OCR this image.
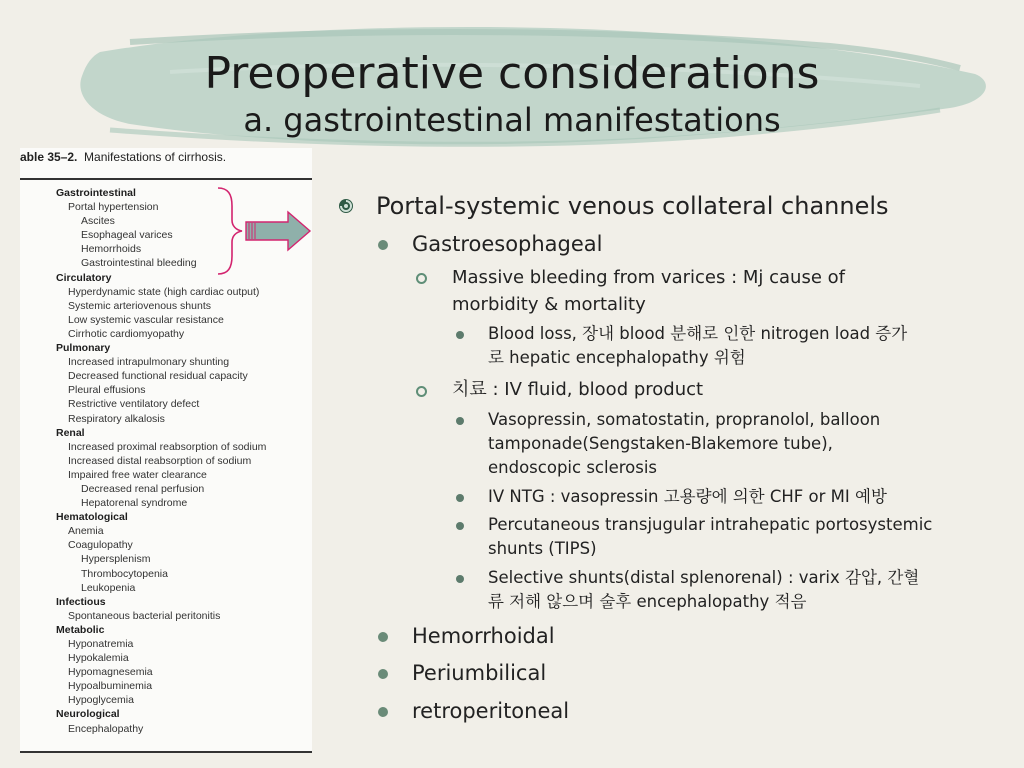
Preoperative considerations
a. gastrointestinal manifestations
able 35–2. Manifestations of cirrhosis.
Gastrointestinal
Portal hypertension
Ascites
Esophageal varices
Hemorrhoids
Gastrointestinal bleeding
Circulatory
Hyperdynamic state (high cardiac output)
Systemic arteriovenous shunts
Low systemic vascular resistance
Cirrhotic cardiomyopathy
Pulmonary
Increased intrapulmonary shunting
Decreased functional residual capacity
Pleural effusions
Restrictive ventilatory defect
Respiratory alkalosis
Renal
Increased proximal reabsorption of sodium
Increased distal reabsorption of sodium
Impaired free water clearance
Decreased renal perfusion
Hepatorenal syndrome
Hematological
Anemia
Coagulopathy
Hypersplenism
Thrombocytopenia
Leukopenia
Infectious
Spontaneous bacterial peritonitis
Metabolic
Hyponatremia
Hypokalemia
Hypomagnesemia
Hypoalbuminemia
Hypoglycemia
Neurological
Encephalopathy
Portal-systemic venous collateral channels
Gastroesophageal
Massive bleeding from varices : Mj cause of
morbidity & mortality
Blood loss, 장내 blood 분해로 인한 nitrogen load 증가
로 hepatic encephalopathy 위험
치료 : IV fluid, blood product
Vasopressin, somatostatin, propranolol, balloon
tamponade(Sengstaken-Blakemore tube),
endoscopic sclerosis
IV NTG : vasopressin 고용량에 의한 CHF or MI 예방
Percutaneous transjugular intrahepatic portosystemic
shunts (TIPS)
Selective shunts(distal splenorenal) : varix 감압, 간혈
류 저해 않으며 술후 encephalopathy 적음
Hemorrhoidal
Periumbilical
retroperitoneal
